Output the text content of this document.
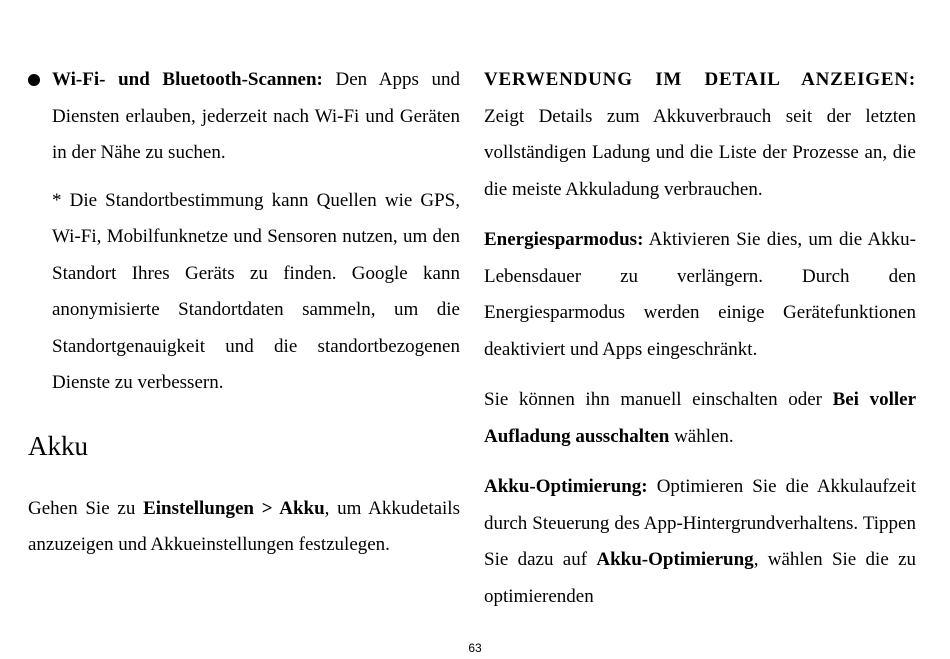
Wi-Fi- und Bluetooth-Scannen: Den Apps und Diensten erlauben, jederzeit nach Wi-Fi und Geräten in der Nähe zu suchen.

* Die Standortbestimmung kann Quellen wie GPS, Wi-Fi, Mobilfunknetze und Sensoren nutzen, um den Standort Ihres Geräts zu finden. Google kann anonymisierte Standortdaten sammeln, um die Standortgenauigkeit und die standortbezogenen Dienste zu verbessern.

Akku

Gehen Sie zu Einstellungen > Akku, um Akkudetails anzuzeigen und Akkueinstellungen festzulegen.

VERWENDUNG IM DETAIL ANZEIGEN:

Zeigt Details zum Akkuverbrauch seit der letzten vollständigen Ladung und die Liste der Prozesse an, die die meiste Akkuladung verbrauchen.

Energiesparmodus: Aktivieren Sie dies, um die Akku-Lebensdauer zu verlängern. Durch den Energiesparmodus werden einige Gerätefunktionen deaktiviert und Apps eingeschränkt.

Sie können ihn manuell einschalten oder Bei voller Aufladung ausschalten wählen.

Akku-Optimierung: Optimieren Sie die Akkulaufzeit durch Steuerung des App-Hintergrundverhaltens. Tippen Sie dazu auf Akku-Optimierung, wählen Sie die zu optimierenden

63
